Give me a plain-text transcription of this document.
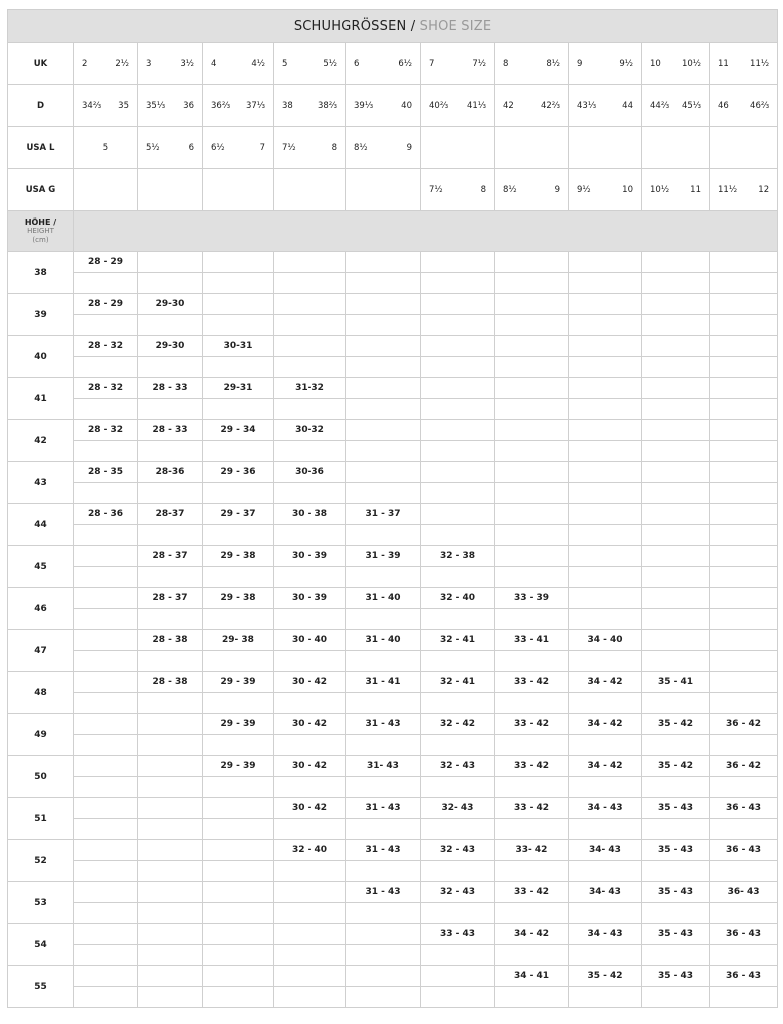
SCHUHGRÖSSEN / SHOE SIZE										
UK	2 2½	3 3½	4 4½	5 5½	6 6½	7 7½	8 8½	9 9½	10 10½	11 11½

D	34⅔ 35	35⅓ 36	36⅔ 37⅓	38 38⅔	39⅓ 40	40⅔ 41⅓	42 42⅔	43⅓ 44	44⅔ 45⅓	46 46⅔

USA L	5	5½ 6	6½ 7	7½ 8	8½ 9					

USA G						7½ 8	8½ 9	9½ 10	10½ 11	11½ 12

HÖHE /
HEIGHT
(cm)										

38	28 - 29									

39	28 - 29	29-30								

40	28 - 32	29-30	30-31							

41	28 - 32	28 - 33	29-31	31-32						

42	28 - 32	28 - 33	29 - 34	30-32						

43	28 - 35	28-36	29 - 36	30-36						

44	28 - 36	28-37	29 - 37	30 - 38	31 - 37					

45		28 - 37	29 - 38	30 - 39	31 - 39	32 - 38				

46		28 - 37	29 - 38	30 - 39	31 - 40	32 - 40	33 - 39			

47		28 - 38	29- 38	30 - 40	31 - 40	32 - 41	33 - 41	34 - 40		

48		28 - 38	29 - 39	30 - 42	31 - 41	32 - 41	33 - 42	34 - 42	35 - 41	

49			29 - 39	30 - 42	31 - 43	32 - 42	33 - 42	34 - 42	35 - 42	36 - 42

50			29 - 39	30 - 42	31- 43	32 - 43	33 - 42	34 - 42	35 - 42	36 - 42

51				30 - 42	31 - 43	32- 43	33 - 42	34 - 43	35 - 43	36 - 43

52				32 - 40	31 - 43	32 - 43	33- 42	34- 43	35 - 43	36 - 43

53					31 - 43	32 - 43	33 - 42	34- 43	35 - 43	36- 43

54						33 - 43	34 - 42	34 - 43	35 - 43	36 - 43

55							34 - 41	35 - 42	35 - 43	36 - 43
